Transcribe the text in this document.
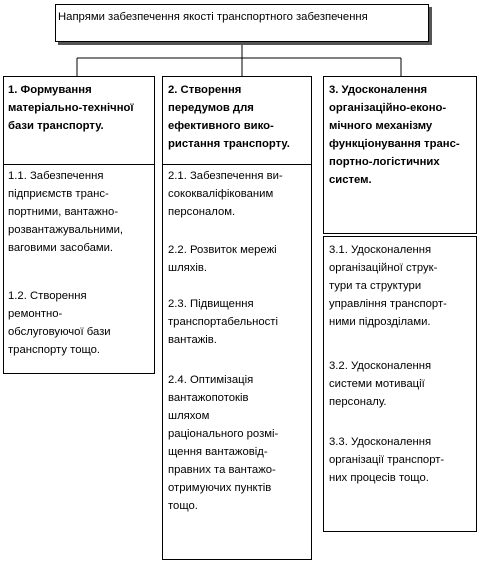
Напрями забезпечення якості транспортного забезпечення
1. Формування
матеріально-технічної
бази транспорту.
1.1. Забезпечення
підприємств транс-
портними, вантажно-
розвантажувальними,
ваговими засобами.
1.2. Створення
ремонтно-
обслуговуючої бази
транспорту тощо.
2. Створення
передумов для
ефективного вико-
ристання транспорту.
2.1. Забезпечення ви-
сококваліфікованим
персоналом.
2.2. Розвиток мережі
шляхів.
2.3. Підвищення
транспортабельності
вантажів.
2.4. Оптимізація
вантажопотоків
шляхом
раціонального розмі-
щення вантажовід-
правних та вантажо-
отримуючих пунктів
тощо.
3. Удосконалення
організаційно-еконо-
мічного механізму
функціонування транс-
портно-логістичних
систем.
3.1. Удосконалення
організаційної струк-
тури та структури
управління транспорт-
ними підрозділами.
3.2. Удосконалення
системи мотивації
персоналу.
3.3. Удосконалення
організації транспорт-
них процесів тощо.
